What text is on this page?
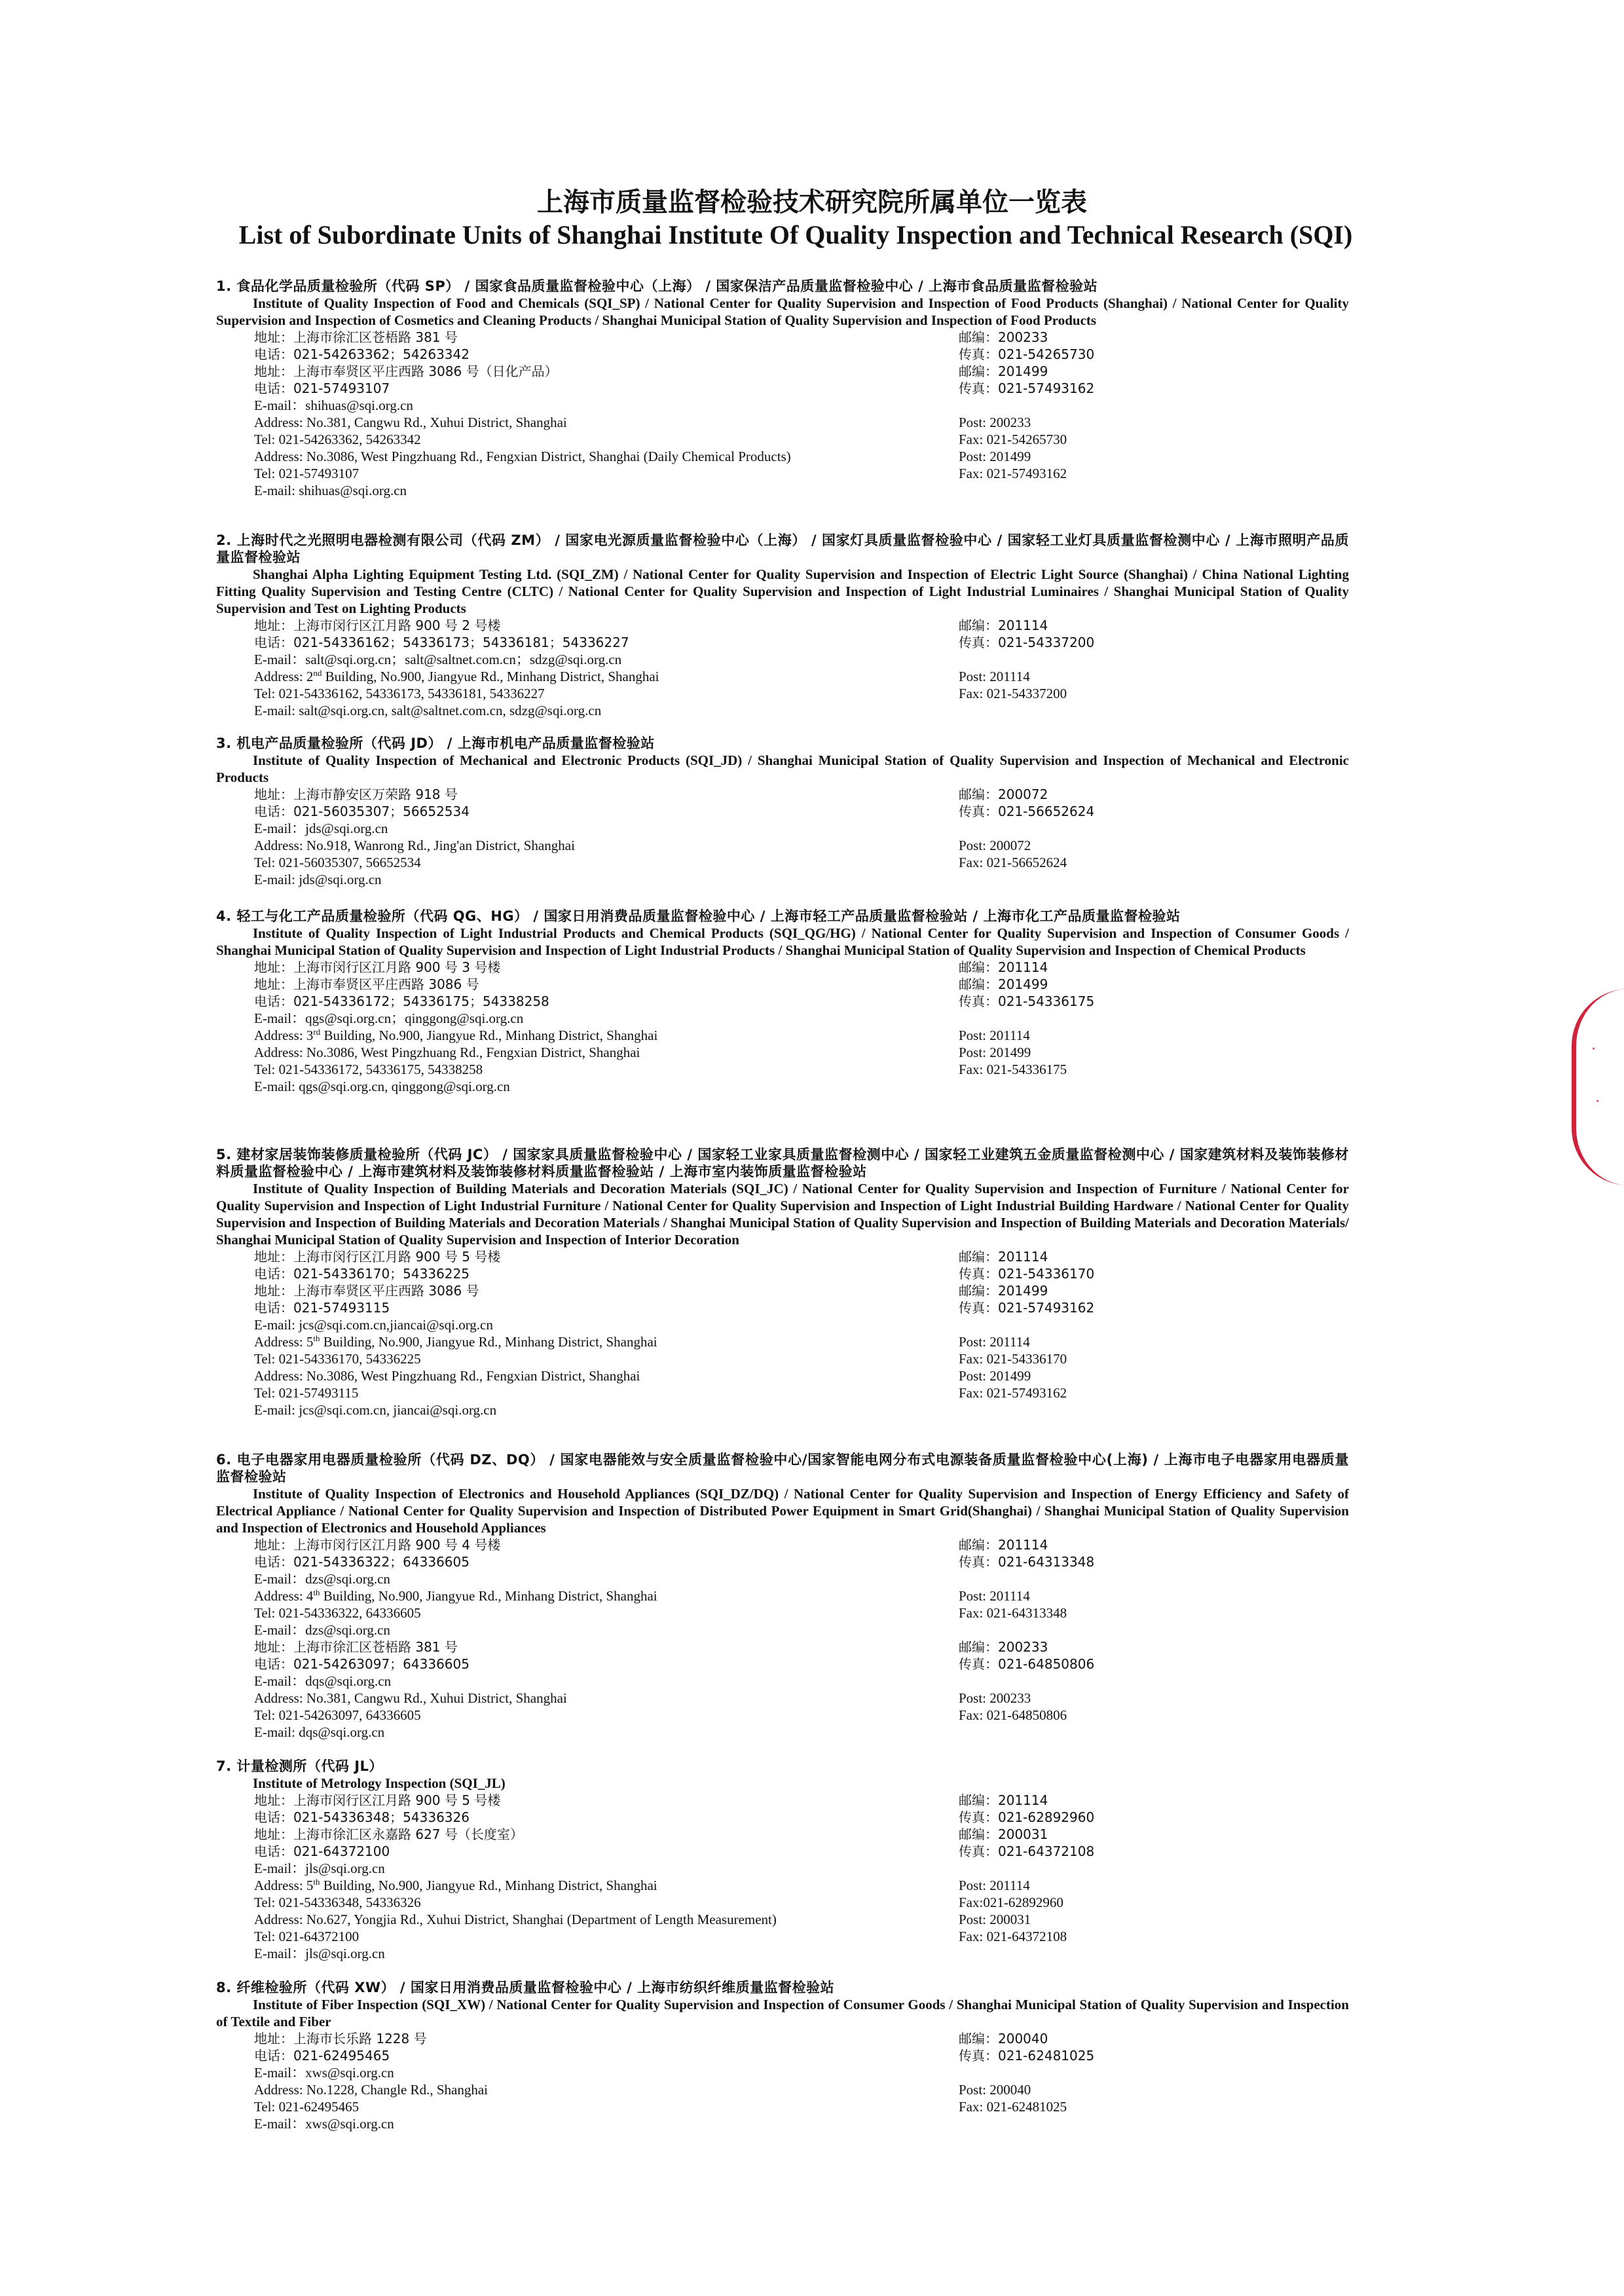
上海市质量监督检验技术研究院所属单位一览表
List of Subordinate Units of Shanghai Institute Of Quality Inspection and Technical Research (SQI)
1. 食品化学品质量检验所（代码 SP） / 国家食品质量监督检验中心（上海） / 国家保洁产品质量监督检验中心 / 上海市食品质量监督检验站
Institute of Quality Inspection of Food and Chemicals (SQI_SP) / National Center for Quality Supervision and Inspection of Food Products (Shanghai) / National Center for Quality Supervision and Inspection of Cosmetics and Cleaning Products / Shanghai Municipal Station of Quality Supervision and Inspection of Food Products
地址：上海市徐汇区苍梧路 381 号	邮编：200233
电话：021-54263362；54263342	传真：021-54265730
地址：上海市奉贤区平庄西路 3086 号（日化产品）	邮编：201499
电话：021-57493107	传真：021-57493162
E-mail：shihuas@sqi.org.cn
Address: No.381, Cangwu Rd., Xuhui District, Shanghai	Post: 200233
Tel: 021-54263362, 54263342	Fax: 021-54265730
Address: No.3086, West Pingzhuang Rd., Fengxian District, Shanghai (Daily Chemical Products)	Post: 201499
Tel: 021-57493107	Fax: 021-57493162
E-mail: shihuas@sqi.org.cn
2. 上海时代之光照明电器检测有限公司（代码 ZM） / 国家电光源质量监督检验中心（上海） / 国家灯具质量监督检验中心 / 国家轻工业灯具质量监督检测中心 / 上海市照明产品质量监督检验站
Shanghai Alpha Lighting Equipment Testing Ltd. (SQI_ZM) / National Center for Quality Supervision and Inspection of Electric Light Source (Shanghai) / China National Lighting Fitting Quality Supervision and Testing Centre (CLTC) / National Center for Quality Supervision and Inspection of Light Industrial Luminaires / Shanghai Municipal Station of Quality Supervision and Test on Lighting Products
地址：上海市闵行区江月路 900 号 2 号楼	邮编：201114
电话：021-54336162；54336173；54336181；54336227	传真：021-54337200
E-mail：salt@sqi.org.cn；salt@saltnet.com.cn；sdzg@sqi.org.cn
Address: 2nd Building, No.900, Jiangyue Rd., Minhang District, Shanghai	Post: 201114
Tel: 021-54336162, 54336173, 54336181, 54336227	Fax: 021-54337200
E-mail: salt@sqi.org.cn, salt@saltnet.com.cn, sdzg@sqi.org.cn
3. 机电产品质量检验所（代码 JD） / 上海市机电产品质量监督检验站
Institute of Quality Inspection of Mechanical and Electronic Products (SQI_JD) / Shanghai Municipal Station of Quality Supervision and Inspection of Mechanical and Electronic Products
地址：上海市静安区万荣路 918 号	邮编：200072
电话：021-56035307；56652534	传真：021-56652624
E-mail：jds@sqi.org.cn
Address: No.918, Wanrong Rd., Jing'an District, Shanghai	Post: 200072
Tel: 021-56035307, 56652534	Fax: 021-56652624
E-mail: jds@sqi.org.cn
4. 轻工与化工产品质量检验所（代码 QG、HG） / 国家日用消费品质量监督检验中心 / 上海市轻工产品质量监督检验站 / 上海市化工产品质量监督检验站
Institute of Quality Inspection of Light Industrial Products and Chemical Products (SQI_QG/HG) / National Center for Quality Supervision and Inspection of Consumer Goods / Shanghai Municipal Station of Quality Supervision and Inspection of Light Industrial Products / Shanghai Municipal Station of Quality Supervision and Inspection of Chemical Products
地址：上海市闵行区江月路 900 号 3 号楼	邮编：201114
地址：上海市奉贤区平庄西路 3086 号	邮编：201499
电话：021-54336172；54336175；54338258	传真：021-54336175
E-mail：qgs@sqi.org.cn；qinggong@sqi.org.cn
Address: 3rd Building, No.900, Jiangyue Rd., Minhang District, Shanghai	Post: 201114
Address: No.3086, West Pingzhuang Rd., Fengxian District, Shanghai	Post: 201499
Tel: 021-54336172, 54336175, 54338258	Fax: 021-54336175
E-mail: qgs@sqi.org.cn, qinggong@sqi.org.cn
5. 建材家居装饰装修质量检验所（代码 JC） / 国家家具质量监督检验中心 / 国家轻工业家具质量监督检测中心 / 国家轻工业建筑五金质量监督检测中心 / 国家建筑材料及装饰装修材料质量监督检验中心 / 上海市建筑材料及装饰装修材料质量监督检验站 / 上海市室内装饰质量监督检验站
Institute of Quality Inspection of Building Materials and Decoration Materials (SQI_JC) / National Center for Quality Supervision and Inspection of Furniture / National Center for Quality Supervision and Inspection of Light Industrial Furniture / National Center for Quality Supervision and Inspection of Light Industrial Building Hardware / National Center for Quality Supervision and Inspection of Building Materials and Decoration Materials / Shanghai Municipal Station of Quality Supervision and Inspection of Building Materials and Decoration Materials/ Shanghai Municipal Station of Quality Supervision and Inspection of Interior Decoration
地址：上海市闵行区江月路 900 号 5 号楼	邮编：201114
电话：021-54336170；54336225	传真：021-54336170
地址：上海市奉贤区平庄西路 3086 号	邮编：201499
电话：021-57493115	传真：021-57493162
E-mail: jcs@sqi.com.cn,jiancai@sqi.org.cn
Address: 5th Building, No.900, Jiangyue Rd., Minhang District, Shanghai	Post: 201114
Tel: 021-54336170, 54336225	Fax: 021-54336170
Address: No.3086, West Pingzhuang Rd., Fengxian District, Shanghai	Post: 201499
Tel: 021-57493115	Fax: 021-57493162
E-mail: jcs@sqi.com.cn, jiancai@sqi.org.cn
6. 电子电器家用电器质量检验所（代码 DZ、DQ） / 国家电器能效与安全质量监督检验中心/国家智能电网分布式电源装备质量监督检验中心(上海) / 上海市电子电器家用电器质量监督检验站
Institute of Quality Inspection of Electronics and Household Appliances (SQI_DZ/DQ) / National Center for Quality Supervision and Inspection of Energy Efficiency and Safety of Electrical Appliance / National Center for Quality Supervision and Inspection of Distributed Power Equipment in Smart Grid(Shanghai) / Shanghai Municipal Station of Quality Supervision and Inspection of Electronics and Household Appliances
地址：上海市闵行区江月路 900 号 4 号楼	邮编：201114
电话：021-54336322；64336605	传真：021-64313348
E-mail：dzs@sqi.org.cn
Address: 4th Building, No.900, Jiangyue Rd., Minhang District, Shanghai	Post: 201114
Tel: 021-54336322, 64336605	Fax: 021-64313348
E-mail：dzs@sqi.org.cn
地址：上海市徐汇区苍梧路 381 号	邮编：200233
电话：021-54263097；64336605	传真：021-64850806
E-mail：dqs@sqi.org.cn
Address: No.381, Cangwu Rd., Xuhui District, Shanghai	Post: 200233
Tel: 021-54263097, 64336605	Fax: 021-64850806
E-mail: dqs@sqi.org.cn
7. 计量检测所（代码 JL）
Institute of Metrology Inspection (SQI_JL)
地址：上海市闵行区江月路 900 号 5 号楼	邮编：201114
电话：021-54336348；54336326	传真：021-62892960
地址：上海市徐汇区永嘉路 627 号（长度室）	邮编：200031
电话：021-64372100	传真：021-64372108
E-mail：jls@sqi.org.cn
Address: 5th Building, No.900, Jiangyue Rd., Minhang District, Shanghai	Post: 201114
Tel: 021-54336348, 54336326	Fax:021-62892960
Address: No.627, Yongjia Rd., Xuhui District, Shanghai (Department of Length Measurement)	Post: 200031
Tel: 021-64372100	Fax: 021-64372108
E-mail：jls@sqi.org.cn
8. 纤维检验所（代码 XW） / 国家日用消费品质量监督检验中心 / 上海市纺织纤维质量监督检验站
Institute of Fiber Inspection (SQI_XW) / National Center for Quality Supervision and Inspection of Consumer Goods / Shanghai Municipal Station of Quality Supervision and Inspection of Textile and Fiber
地址：上海市长乐路 1228 号	邮编：200040
电话：021-62495465	传真：021-62481025
E-mail：xws@sqi.org.cn
Address: No.1228, Changle Rd., Shanghai	Post: 200040
Tel: 021-62495465	Fax: 021-62481025
E-mail：xws@sqi.org.cn
·
·
